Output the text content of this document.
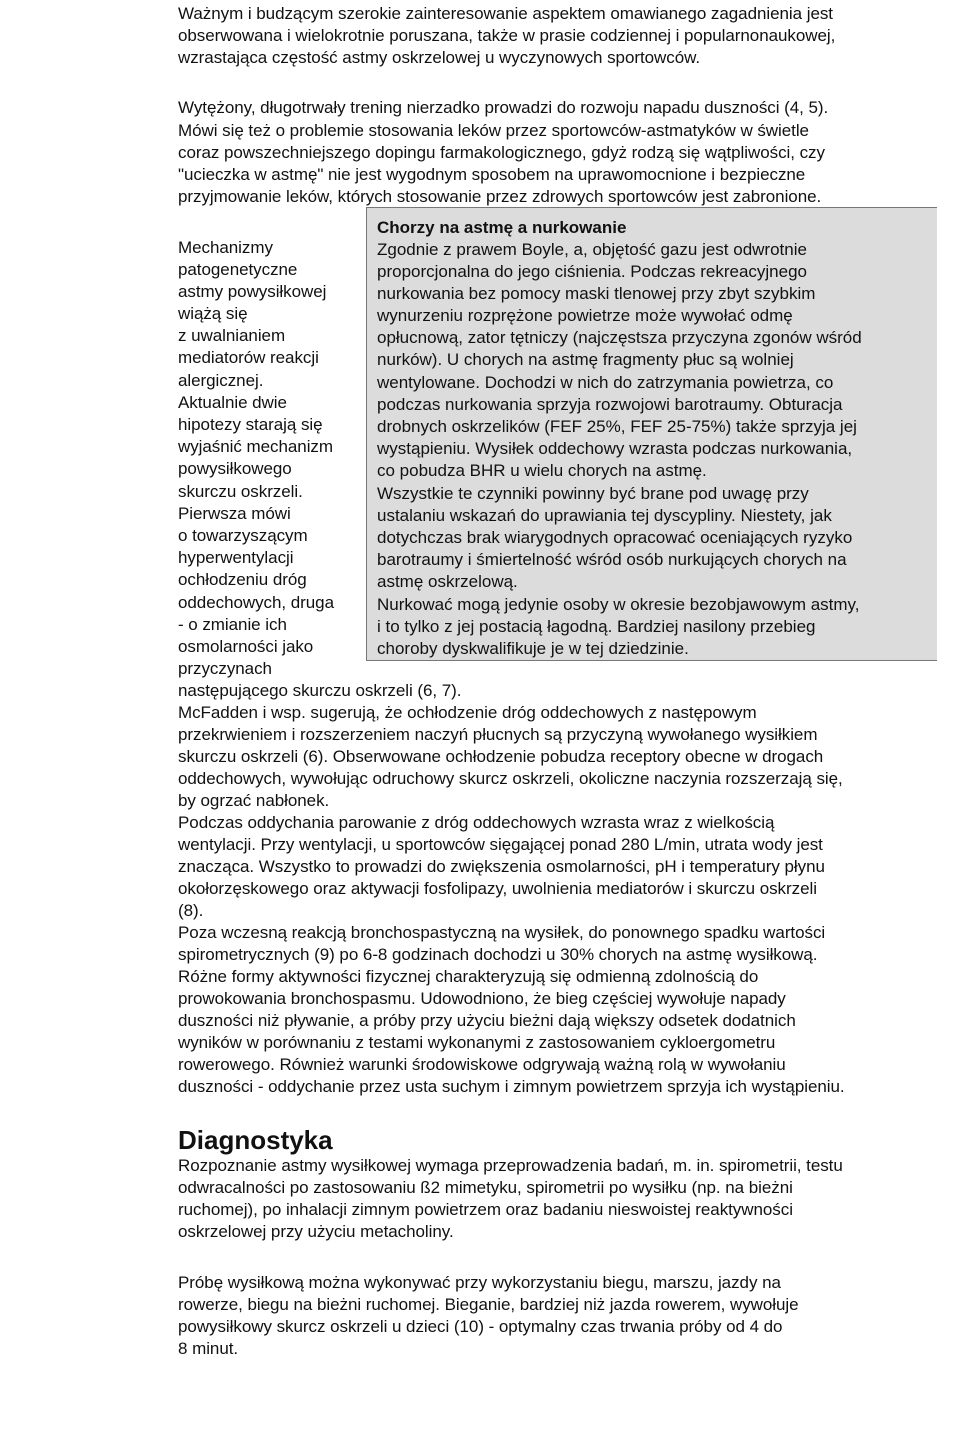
Ważnym i budzącym szerokie zainteresowanie aspektem omawianego zagadnienia jest
obserwowana i wielokrotnie poruszana, także w prasie codziennej i popularnonaukowej,
wzrastająca częstość astmy oskrzelowej u wyczynowych sportowców.
Wytężony, długotrwały trening nierzadko prowadzi do rozwoju napadu duszności (4, 5).
Mówi się też o problemie stosowania leków przez sportowców-astmatyków w świetle
coraz powszechniejszego dopingu farmakologicznego, gdyż rodzą się wątpliwości, czy
"ucieczka w astmę" nie jest wygodnym sposobem na uprawomocnione i bezpieczne
przyjmowanie leków, których stosowanie przez zdrowych sportowców jest zabronione.
Chorzy na astmę a nurkowanie
Zgodnie z prawem Boyle, a, objętość gazu jest odwrotnie
proporcjonalna do jego ciśnienia. Podczas rekreacyjnego
nurkowania bez pomocy maski tlenowej przy zbyt szybkim
wynurzeniu rozprężone powietrze może wywołać odmę
opłucnową, zator tętniczy (najczęstsza przyczyna zgonów wśród
nurków). U chorych na astmę fragmenty płuc są wolniej
wentylowane. Dochodzi w nich do zatrzymania powietrza, co
podczas nurkowania sprzyja rozwojowi barotraumy. Obturacja
drobnych oskrzelików (FEF 25%, FEF 25-75%) także sprzyja jej
wystąpieniu. Wysiłek oddechowy wzrasta podczas nurkowania,
co pobudza BHR u wielu chorych na astmę.
Wszystkie te czynniki powinny być brane pod uwagę przy
ustalaniu wskazań do uprawiania tej dyscypliny. Niestety, jak
dotychczas brak wiarygodnych opracować oceniających ryzyko
barotraumy i śmiertelność wśród osób nurkujących chorych na
astmę oskrzelową.
Nurkować mogą jedynie osoby w okresie bezobjawowym astmy,
i to tylko z jej postacią łagodną. Bardziej nasilony przebieg
choroby dyskwalifikuje je w tej dziedzinie.
Mechanizmy
patogenetyczne
astmy powysiłkowej
wiążą się
z uwalnianiem
mediatorów reakcji
alergicznej.
Aktualnie dwie
hipotezy starają się
wyjaśnić mechanizm
powysiłkowego
skurczu oskrzeli.
Pierwsza mówi
o towarzyszącym
hyperwentylacji
ochłodzeniu dróg
oddechowych, druga
- o zmianie ich
osmolarności jako
przyczynach
następującego skurczu oskrzeli (6, 7).
McFadden i wsp. sugerują, że ochłodzenie dróg oddechowych z następowym
przekrwieniem i rozszerzeniem naczyń płucnych są przyczyną wywołanego wysiłkiem
skurczu oskrzeli (6). Obserwowane ochłodzenie pobudza receptory obecne w drogach
oddechowych, wywołując odruchowy skurcz oskrzeli, okoliczne naczynia rozszerzają się,
by ogrzać nabłonek.
Podczas oddychania parowanie z dróg oddechowych wzrasta wraz z wielkością
wentylacji. Przy wentylacji, u sportowców sięgającej ponad 280 L/min, utrata wody jest
znacząca. Wszystko to prowadzi do zwiększenia osmolarności, pH i temperatury płynu
okołorzęskowego oraz aktywacji fosfolipazy, uwolnienia mediatorów i skurczu oskrzeli
(8).
Poza wczesną reakcją bronchospastyczną na wysiłek, do ponownego spadku wartości
spirometrycznych (9) po 6-8 godzinach dochodzi u 30% chorych na astmę wysiłkową.
Różne formy aktywności fizycznej charakteryzują się odmienną zdolnością do
prowokowania bronchospasmu. Udowodniono, że bieg częściej wywołuje napady
duszności niż pływanie, a próby przy użyciu bieżni dają większy odsetek dodatnich
wyników w porównaniu z testami wykonanymi z zastosowaniem cykloergometru
rowerowego. Również warunki środowiskowe odgrywają ważną rolą w wywołaniu
duszności - oddychanie przez usta suchym i zimnym powietrzem sprzyja ich wystąpieniu.
Diagnostyka
Rozpoznanie astmy wysiłkowej wymaga przeprowadzenia badań, m. in. spirometrii, testu
odwracalności po zastosowaniu ß2 mimetyku, spirometrii po wysiłku (np. na bieżni
ruchomej), po inhalacji zimnym powietrzem oraz badaniu nieswoistej reaktywności
oskrzelowej przy użyciu metacholiny.
Próbę wysiłkową można wykonywać przy wykorzystaniu biegu, marszu, jazdy na
rowerze, biegu na bieżni ruchomej. Bieganie, bardziej niż jazda rowerem, wywołuje
powysiłkowy skurcz oskrzeli u dzieci (10) - optymalny czas trwania próby od 4 do
8 minut.
